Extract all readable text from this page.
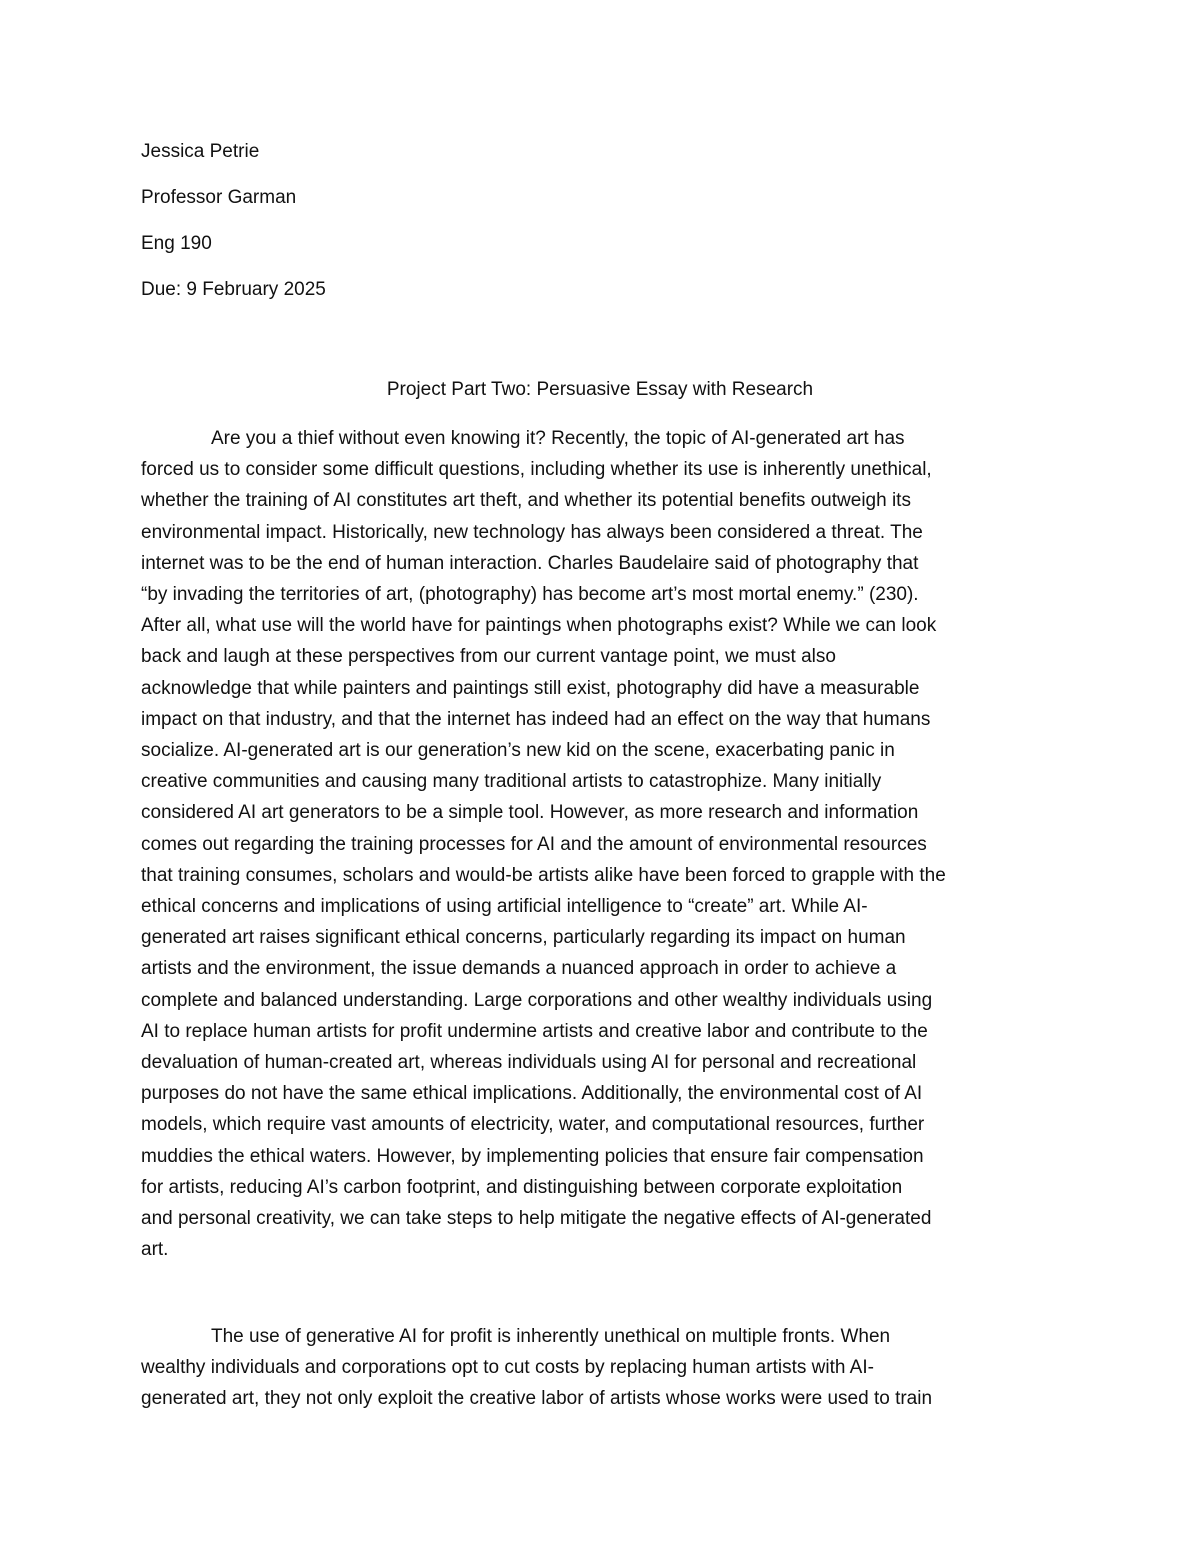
Jessica Petrie

Professor Garman

Eng 190

Due: 9 February 2025

Project Part Two: Persuasive Essay with Research
Are you a thief without even knowing it? Recently, the topic of AI-generated art has
forced us to consider some difficult questions, including whether its use is inherently unethical,
whether the training of AI constitutes art theft, and whether its potential benefits outweigh its
environmental impact. Historically, new technology has always been considered a threat. The
internet was to be the end of human interaction. Charles Baudelaire said of photography that
“by invading the territories of art, (photography) has become art’s most mortal enemy.” (230).
After all, what use will the world have for paintings when photographs exist? While we can look
back and laugh at these perspectives from our current vantage point, we must also
acknowledge that while painters and paintings still exist, photography did have a measurable
impact on that industry, and that the internet has indeed had an effect on the way that humans
socialize. AI-generated art is our generation’s new kid on the scene, exacerbating panic in
creative communities and causing many traditional artists to catastrophize. Many initially
considered AI art generators to be a simple tool. However, as more research and information
comes out regarding the training processes for AI and the amount of environmental resources
that training consumes, scholars and would-be artists alike have been forced to grapple with the
ethical concerns and implications of using artificial intelligence to “create” art. While AI-
generated art raises significant ethical concerns, particularly regarding its impact on human
artists and the environment, the issue demands a nuanced approach in order to achieve a
complete and balanced understanding. Large corporations and other wealthy individuals using
AI to replace human artists for profit undermine artists and creative labor and contribute to the
devaluation of human-created art, whereas individuals using AI for personal and recreational
purposes do not have the same ethical implications. Additionally, the environmental cost of AI
models, which require vast amounts of electricity, water, and computational resources, further
muddies the ethical waters. However, by implementing policies that ensure fair compensation
for artists, reducing AI’s carbon footprint, and distinguishing between corporate exploitation
and personal creativity, we can take steps to help mitigate the negative effects of AI-generated
art.
The use of generative AI for profit is inherently unethical on multiple fronts. When
wealthy individuals and corporations opt to cut costs by replacing human artists with AI-
generated art, they not only exploit the creative labor of artists whose works were used to train
